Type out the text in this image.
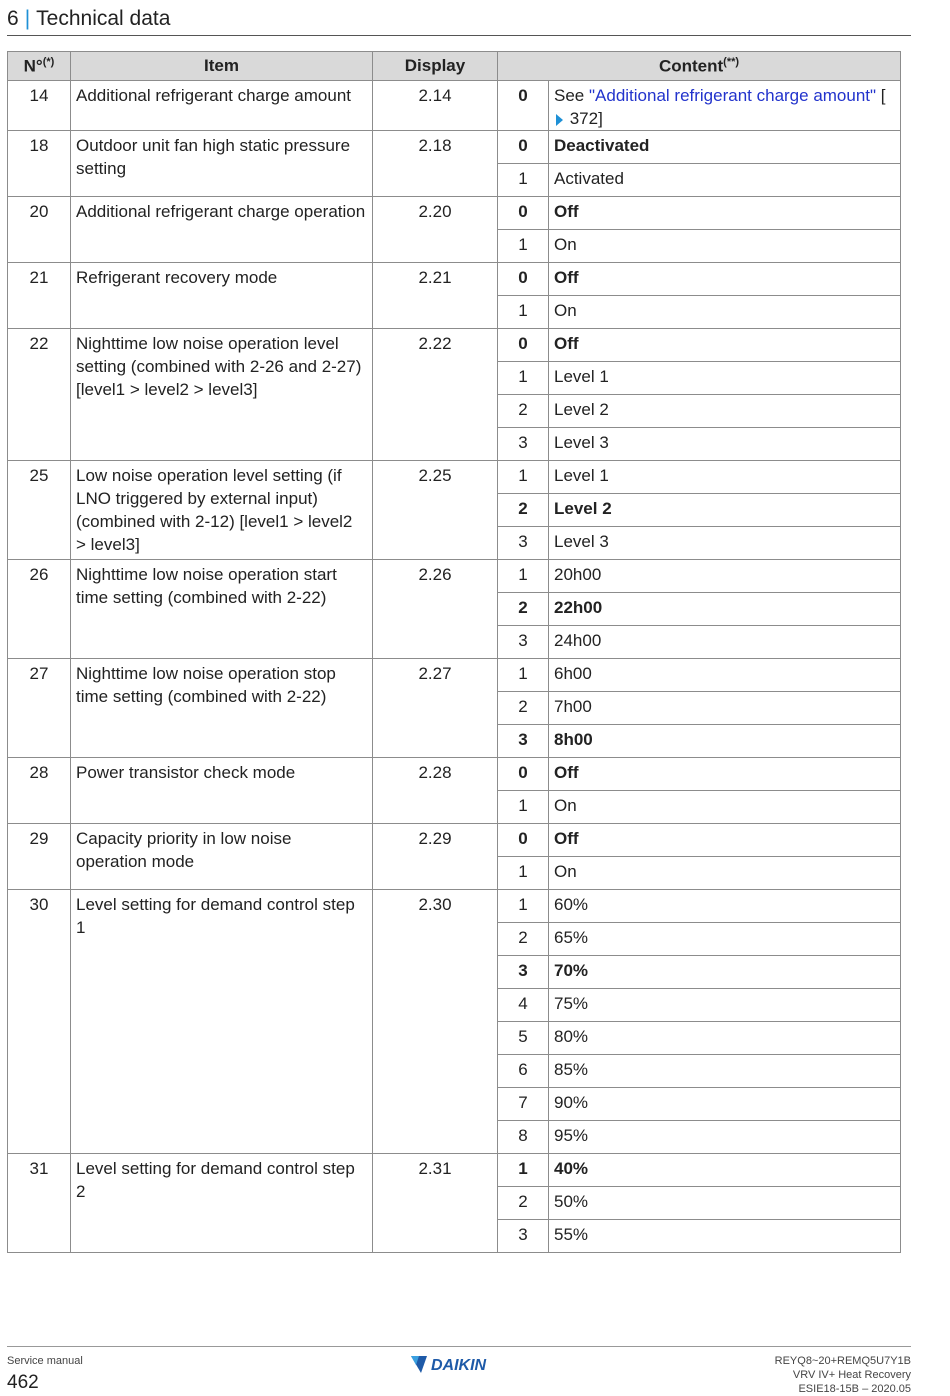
6 | Technical data
N°(*)	Item	Display	Content(**)
14	Additional refrigerant charge amount	2.14	0	See "Additional refrigerant charge amount" [ 372]
18	Outdoor unit fan high static pressure setting	2.18	0	Deactivated
			1	Activated
20	Additional refrigerant charge operation	2.20	0	Off
			1	On
21	Refrigerant recovery mode	2.21	0	Off
			1	On
22	Nighttime low noise operation level setting (combined with 2-26 and 2-27) [level1 > level2 > level3]	2.22	0	Off
			1	Level 1
			2	Level 2
			3	Level 3
25	Low noise operation level setting (if LNO triggered by external input) (combined with 2-12) [level1 > level2 > level3]	2.25	1	Level 1
			2	Level 2
			3	Level 3
26	Nighttime low noise operation start time setting (combined with 2-22)	2.26	1	20h00
			2	22h00
			3	24h00
27	Nighttime low noise operation stop time setting (combined with 2-22)	2.27	1	6h00
			2	7h00
			3	8h00
28	Power transistor check mode	2.28	0	Off
			1	On
29	Capacity priority in low noise operation mode	2.29	0	Off
			1	On
30	Level setting for demand control step 1	2.30	1	60%
			2	65%
			3	70%
			4	75%
			5	80%
			6	85%
			7	90%
			8	95%
31	Level setting for demand control step 2	2.31	1	40%
			2	50%
			3	55%
Service manual
462
DAIKIN	REYQ8~20+REMQ5U7Y1B
VRV IV+ Heat Recovery
ESIE18-15B – 2020.05
